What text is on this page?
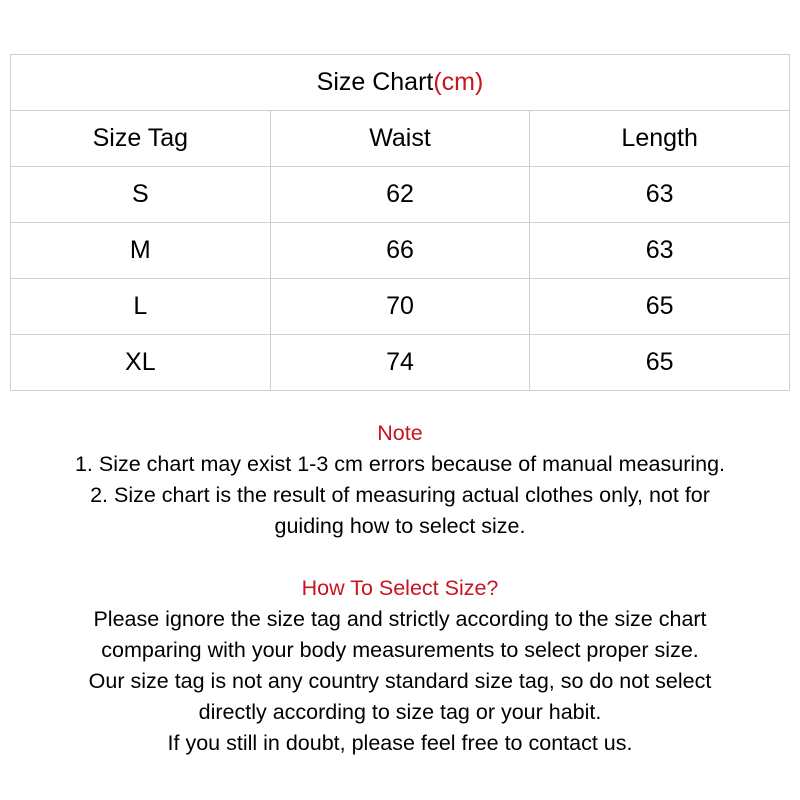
Size Chart(cm)		
Size Tag	Waist	Length
S	62	63
M	66	63
L	70	65
XL	74	65

Note

1. Size chart may exist 1-3 cm errors because of manual measuring.

2. Size chart is the result of measuring actual clothes only, not for

guiding how to select size.

How To Select Size?

Please ignore the size tag and strictly according to the size chart

comparing with your body measurements to select proper size.

Our size tag is not any country standard size tag, so do not select

directly according to size tag or your habit.

If you still in doubt, please feel free to contact us.
